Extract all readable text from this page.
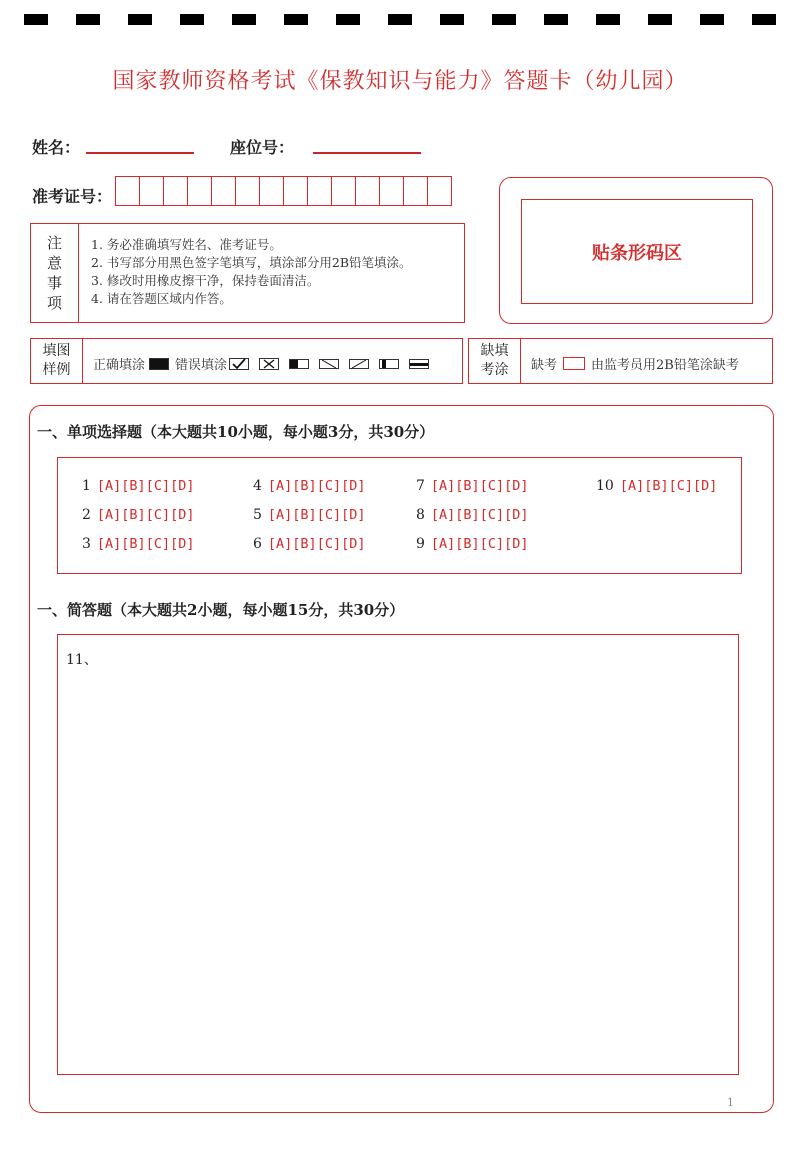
国家教师资格考试《保教知识与能力》答题卡（幼儿园）
姓名：	座位号：
准考证号：
注
意
事
项
1. 务必准确填写姓名、准考证号。
2. 书写部分用黑色签字笔填写，填涂部分用2B铅笔填涂。
3. 修改时用橡皮擦干净，保持卷面清洁。
4. 请在答题区域内作答。
贴条形码区
填图
样例 正确填涂 错误填涂
缺填
考涂 缺考	由监考员用2B铅笔涂缺考
一、单项选择题（本大题共10小题，每小题3分，共30分）
1 [A][B][C][D]
2 [A][B][C][D]
3 [A][B][C][D]
4 [A][B][C][D]
5 [A][B][C][D]
6 [A][B][C][D]
7 [A][B][C][D]
8 [A][B][C][D]
9 [A][B][C][D]
10 [A][B][C][D]
一、简答题（本大题共2小题，每小题15分，共30分）
11、
1
